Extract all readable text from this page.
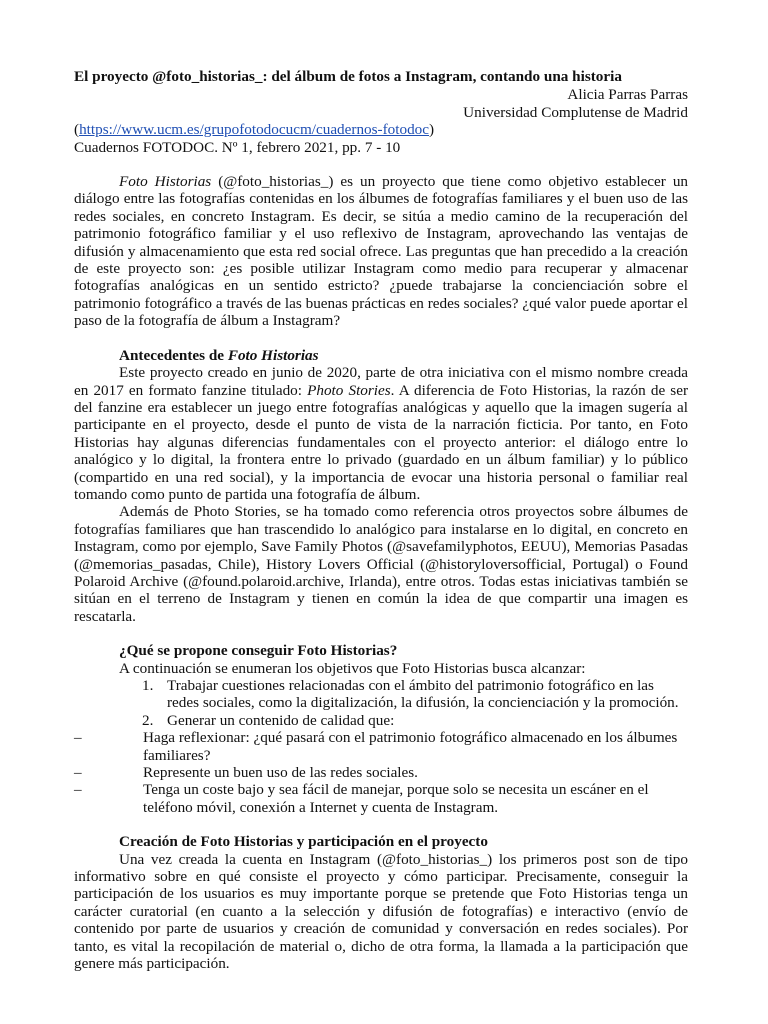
El proyecto @foto_historias_: del álbum de fotos a Instagram, contando una historia

Alicia Parras Parras

Universidad Complutense de Madrid

(https://www.ucm.es/grupofotodocucm/cuadernos-fotodoc)

Cuadernos FOTODOC. Nº 1, febrero 2021, pp. 7 - 10

Foto Historias (@foto_historias_) es un proyecto que tiene como objetivo establecer un diálogo entre las fotografías contenidas en los álbumes de fotografías familiares y el buen uso de las redes sociales, en concreto Instagram. Es decir, se sitúa a medio camino de la recuperación del patrimonio fotográfico familiar y el uso reflexivo de Instagram, aprovechando las ventajas de difusión y almacenamiento que esta red social ofrece. Las preguntas que han precedido a la creación de este proyecto son: ¿es posible utilizar Instagram como medio para recuperar y almacenar fotografías analógicas en un sentido estricto? ¿puede trabajarse la concienciación sobre el patrimonio fotográfico a través de las buenas prácticas en redes sociales? ¿qué valor puede aportar el paso de la fotografía de álbum a Instagram?

Antecedentes de Foto Historias

Este proyecto creado en junio de 2020, parte de otra iniciativa con el mismo nombre creada en 2017 en formato fanzine titulado: Photo Stories. A diferencia de Foto Historias, la razón de ser del fanzine era establecer un juego entre fotografías analógicas y aquello que la imagen sugería al participante en el proyecto, desde el punto de vista de la narración ficticia. Por tanto, en Foto Historias hay algunas diferencias fundamentales con el proyecto anterior: el diálogo entre lo analógico y lo digital, la frontera entre lo privado (guardado en un álbum familiar) y lo público (compartido en una red social), y la importancia de evocar una historia personal o familiar real tomando como punto de partida una fotografía de álbum.

Además de Photo Stories, se ha tomado como referencia otros proyectos sobre álbumes de fotografías familiares que han trascendido lo analógico para instalarse en lo digital, en concreto en Instagram, como por ejemplo, Save Family Photos (@savefamilyphotos, EEUU), Memorias Pasadas (@memorias_pasadas, Chile), History Lovers Official (@historyloversofficial, Portugal) o Found Polaroid Archive (@found.polaroid.archive, Irlanda), entre otros. Todas estas iniciativas también se sitúan en el terreno de Instagram y tienen en común la idea de que compartir una imagen es rescatarla.

¿Qué se propone conseguir Foto Historias?

A continuación se enumeran los objetivos que Foto Historias busca alcanzar:

1. Trabajar cuestiones relacionadas con el ámbito del patrimonio fotográfico en las redes sociales, como la digitalización, la difusión, la concienciación y la promoción.
2. Generar un contenido de calidad que:
–	Haga reflexionar: ¿qué pasará con el patrimonio fotográfico almacenado en los álbumes familiares?
–	Represente un buen uso de las redes sociales.
–	Tenga un coste bajo y sea fácil de manejar, porque solo se necesita un escáner en el teléfono móvil, conexión a Internet y cuenta de Instagram.

Creación de Foto Historias y participación en el proyecto

Una vez creada la cuenta en Instagram (@foto_historias_) los primeros post son de tipo informativo sobre en qué consiste el proyecto y cómo participar. Precisamente, conseguir la participación de los usuarios es muy importante porque se pretende que Foto Historias tenga un carácter curatorial (en cuanto a la selección y difusión de fotografías) e interactivo (envío de contenido por parte de usuarios y creación de comunidad y conversación en redes sociales). Por tanto, es vital la recopilación de material o, dicho de otra forma, la llamada a la participación que genere más participación.
